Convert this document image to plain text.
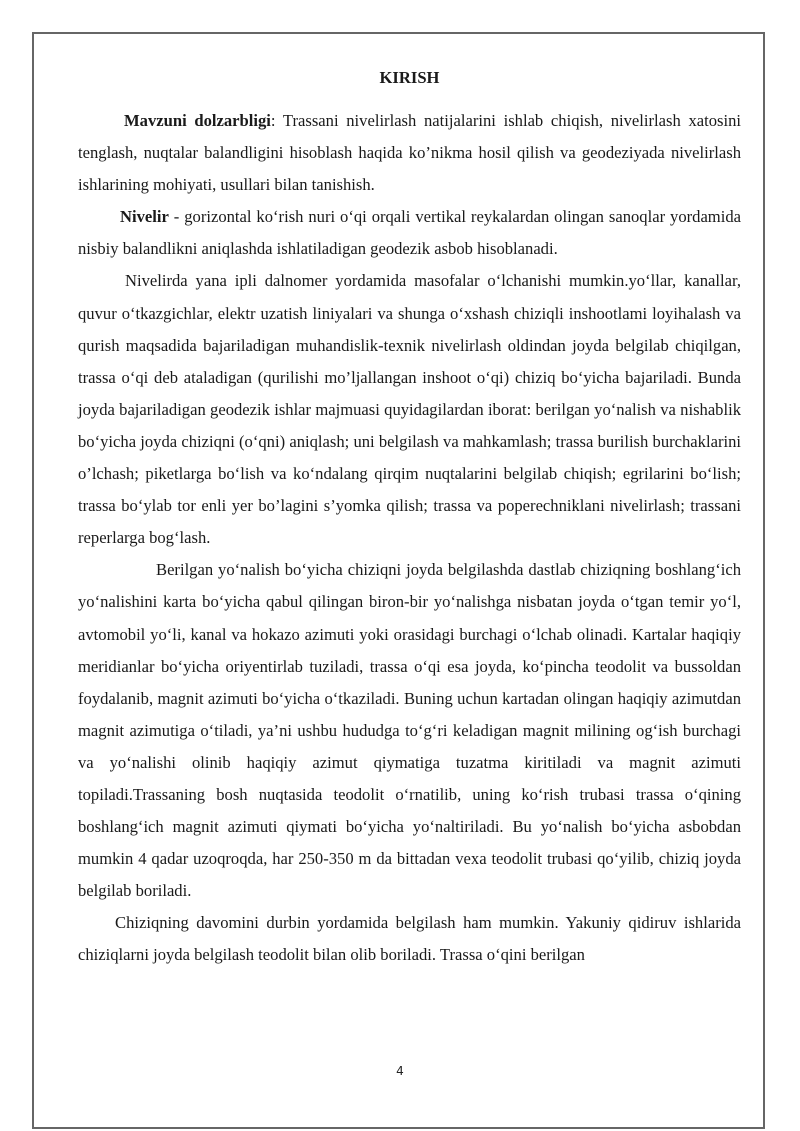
KIRISH

Mavzuni dolzarbligi: Trassani nivelirlash natijalarini ishlab chiqish, nivelirlash xatosini tenglash, nuqtalar balandligini hisoblash haqida ko’nikma hosil qilish va geodeziyada nivelirlash ishlarining mohiyati, usullari bilan tanishish.

Nivelir - gorizontal ko‘rish nuri o‘qi orqali vertikal reykalardan olingan sanoqlar yordamida nisbiy balandlikni aniqlashda ishlatiladigan geodezik asbob hisoblanadi.

Nivelirda yana ipli dalnomer yordamida masofalar o‘lchanishi mumkin.yo‘llar, kanallar, quvur o‘tkazgichlar, elektr uzatish liniyalari va shunga o‘xshash chiziqli inshootlami loyihalash va qurish maqsadida bajariladigan muhandislik-texnik nivelirlash oldindan joyda belgilab chiqilgan, trassa o‘qi deb ataladigan (qurilishi mo’ljallangan inshoot o‘qi) chiziq bo‘yicha bajariladi. Bunda joyda bajariladigan geodezik ishlar majmuasi quyidagilardan iborat: berilgan yo‘nalish va nishablik bo‘yicha joyda chiziqni (o‘qni) aniqlash; uni belgilash va mahkamlash; trassa burilish burchaklarini o’lchash; piketlarga bo‘lish va ko‘ndalang qirqim nuqtalarini belgilab chiqish; egrilarini bo‘lish; trassa bo‘ylab tor enli yer bo’lagini s’yomka qilish; trassa va poperechniklani nivelirlash; trassani reperlarga bog‘lash.

Berilgan yo‘nalish bo‘yicha chiziqni joyda belgilashda dastlab chiziqning boshlang‘ich yo‘nalishini karta bo‘yicha qabul qilingan biron-bir yo‘nalishga nisbatan joyda o‘tgan temir yo‘l, avtomobil yo‘li, kanal va hokazo azimuti yoki orasidagi burchagi o‘lchab olinadi. Kartalar haqiqiy meridianlar bo‘yicha oriyentirlab tuziladi, trassa o‘qi esa joyda, ko‘pincha teodolit va bussoldan foydalanib, magnit azimuti bo‘yicha o‘tkaziladi. Buning uchun kartadan olingan haqiqiy azimutdan magnit azimutiga o‘tiladi, ya’ni ushbu hududga to‘g‘ri keladigan magnit milining og‘ish burchagi va yo‘nalishi olinib haqiqiy azimut qiymatiga tuzatma kiritiladi va magnit azimuti topiladi.Trassaning bosh nuqtasida teodolit o‘rnatilib, uning ko‘rish trubasi trassa o‘qining boshlang‘ich magnit azimuti qiymati bo‘yicha yo‘naltiriladi. Bu yo‘nalish bo‘yicha asbobdan mumkin 4 qadar uzoqroqda, har 250-350 m da bittadan vexa teodolit trubasi qo‘yilib, chiziq joyda belgilab boriladi.

Chiziqning davomini durbin yordamida belgilash ham mumkin. Yakuniy qidiruv ishlarida chiziqlarni joyda belgilash teodolit bilan olib boriladi. Trassa o‘qini berilgan

4
